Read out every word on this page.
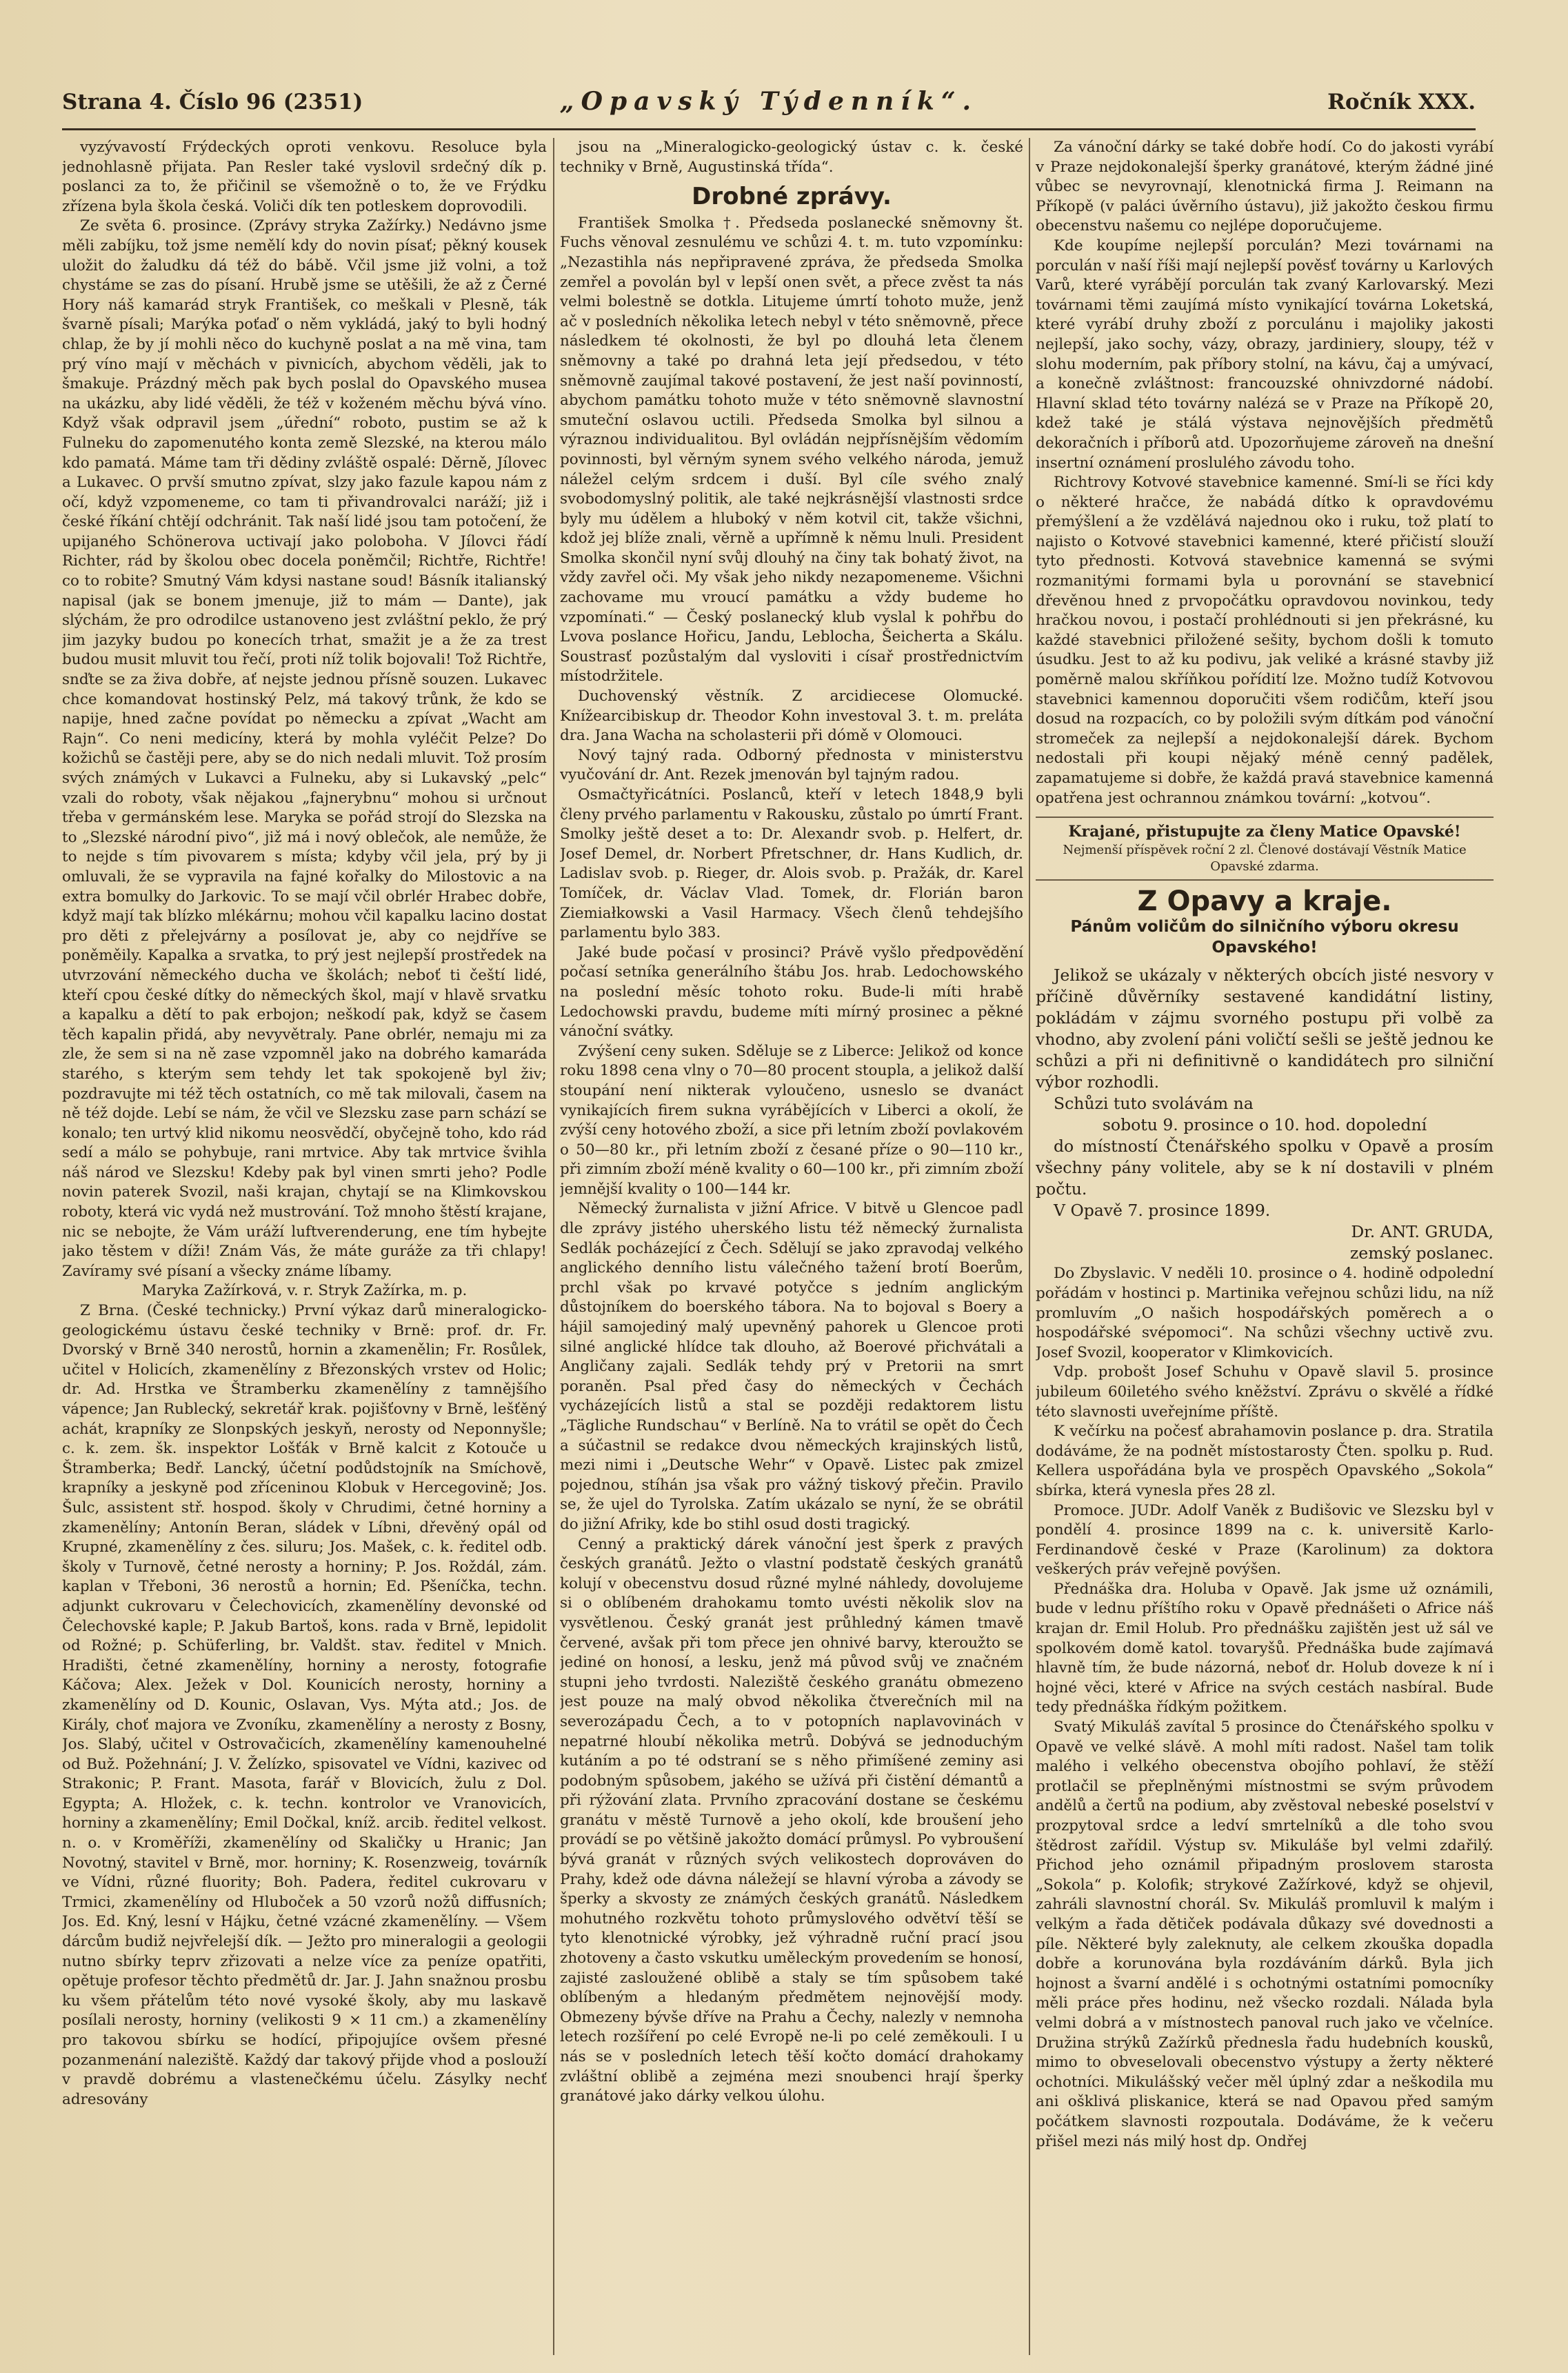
Strana 4. Číslo 96 (2351)	„Opavský Týdenník“.	Ročník XXX.

vyzývavostí Frýdeckých oproti venkovu. Resoluce byla jednohlasně přijata. Pan Resler také vyslovil srdečný dík p. poslanci za to, že přičinil se všemožně o to, že ve Frýdku zřízena byla škola česká. Voliči dík ten potleskem doprovodili.

Ze světa 6. prosince. (Zprávy stryka Zažírky.) Nedávno jsme měli zabíjku, tož jsme nemělí kdy do novin písať; pěkný kousek uložit do žaludku dá též do bábě. Včil jsme již volni, a tož chystáme se zas do písaní. Hrubě jsme se utěšili, že až z Černé Hory náš kamarád stryk František, co meškali v Plesně, ták švarně písali; Marýka poťaď o něm vykládá, jaký to byli hodný chlap, že by jí mohli něco do kuchyně poslat a na mě vina, tam prý víno mají v měchách v pivnicích, abychom věděli, jak to šmakuje. Prázdný měch pak bych poslal do Opavského musea na ukázku, aby lidé věděli, že též v koženém měchu bývá víno. Když však odpravil jsem „úřední“ roboto, pustim se až k Fulneku do zapomenutého konta země Slezské, na kterou málo kdo pamatá. Máme tam tři dědiny zvláště ospalé: Děrně, Jílovec a Lukavec. O prvší smutno zpívat, slzy jako fazule kapou nám z očí, když vzpomeneme, co tam ti přivandrovalci naráží; již i české říkání chtějí odchránit. Tak naší lidé jsou tam potočení, že upijaného Schönerova uctivají jako poloboha. V Jílovci řádí Richter, rád by školou obec docela poněmčil; Richtře, Richtře! co to robite? Smutný Vám kdysi nastane soud! Básník italianský napisal (jak se bonem jmenuje, již to mám — Dante), jak slýchám, že pro odrodilce ustanoveno jest zvláštní peklo, že prý jim jazyky budou po konecích trhat, smažit je a že za trest budou musit mluvit tou řečí, proti níž tolik bojovali! Tož Richtře, snďte se za živa dobře, ať nejste jednou přísně souzen. Lukavec chce komandovat hostinský Pelz, má takový trůnk, že kdo se napije, hned začne povídat po německu a zpívat „Wacht am Rajn“. Co neni medicíny, která by mohla vyléčit Pelze? Do kožichů se častěji pere, aby se do nich nedali mluvit. Tož prosím svých známých v Lukavci a Fulneku, aby si Lukavský „pelc“ vzali do roboty, však nějakou „fajnerybnu“ mohou si určnout třeba v germánském lese. Maryka se pořád strojí do Slezska na to „Slezské národní pivo“, již má i nový oblečok, ale nemůže, že to nejde s tím pivovarem s místa; kdyby včil jela, prý by ji omluvali, že se vypravila na fajné kořalky do Milostovic a na extra bomulky do Jarkovic. To se mají včil obrlér Hrabec dobře, když mají tak blízko mlékárnu; mohou včil kapalku lacino dostat pro děti z přelejvárny a posílovat je, aby co nejdříve se poněměily. Kapalka a srvatka, to prý jest nejlepší prostředek na utvrzování německého ducha ve školách; neboť ti čeští lidé, kteří cpou české dítky do německých škol, mají v hlavě srvatku a kapalku a dětí to pak erbojon; neškodí pak, když se časem těch kapalin přidá, aby nevyvětraly. Pane obrlér, nemaju mi za zle, že sem si na ně zase vzpomněl jako na dobrého kamaráda starého, s kterým sem tehdy let tak spokojeně byl živ; pozdravujte mi též těch ostatních, co mě tak milovali, časem na ně též dojde. Lebí se nám, že včil ve Slezsku zase parn schází se konalo; ten urtvý klid nikomu neosvědčí, obyčejně toho, kdo rád sedí a málo se pohybuje, rani mrtvice. Aby tak mrtvice švihla náš národ ve Slezsku! Kdeby pak byl vinen smrti jeho? Podle novin paterek Svozil, naši krajan, chytají se na Klimkovskou roboty, která vic vydá než mustrování. Tož mnoho štěstí krajane, nic se nebojte, že Vám uráží luftverenderung, ene tím hybejte jako těstem v díži! Znám Vás, že máte guráže za tři chlapy! Zavíramy své písaní a všecky známe líbamy.

Maryka Zažírková, v. r. Stryk Zažírka, m. p.

Z Brna. (České technicky.) První výkaz darů mineralogicko-geologickému ústavu české techniky v Brně: prof. dr. Fr. Dvorský v Brně 340 nerostů, hornin a zkamenělin; Fr. Rosůlek, učitel v Holicích, zkamenělíny z Březonských vrstev od Holic; dr. Ad. Hrstka ve Štramberku zkamenělíny z tamnějšího vápence; Jan Rublecký, sekretář krak. pojišťovny v Brně, lešťěný achát, krapníky ze Slonpských jeskyň, nerosty od Neponnyšle; c. k. zem. šk. inspektor Lošťák v Brně kalcit z Kotouče u Štramberka; Bedř. Lancký, účetní podůdstojník na Smíchově, krapníky a jeskyně pod zříceninou Klobuk v Hercegovině; Jos. Šulc, assistent stř. hospod. školy v Chrudimi, četné horniny a zkamenělíny; Antonín Beran, sládek v Líbni, dřevěný opál od Krupné, zkamenělíny z čes. siluru; Jos. Mašek, c. k. ředitel odb. školy v Turnově, četné nerosty a horniny; P. Jos. Roždál, zám. kaplan v Třeboni, 36 nerostů a hornin; Ed. Pšeníčka, techn. adjunkt cukrovaru v Čelechovicích, zkamenělíny devonské od Čelechovské kaple; P. Jakub Bartoš, kons. rada v Brně, lepidolit od Rožné; p. Schüferling, br. Valdšt. stav. ředitel v Mnich. Hradišti, četné zkamenělíny, horniny a nerosty, fotografie Káčova; Alex. Ježek v Dol. Kounicích nerosty, horniny a zkamenělíny od D. Kounic, Oslavan, Vys. Mýta atd.; Jos. de Király, choť majora ve Zvoníku, zkamenělíny a nerosty z Bosny, Jos. Slabý, učitel v Ostrovačicích, zkamenělíny kamenouhelné od Buž. Požehnání; J. V. Želízko, spisovatel ve Vídni, kazivec od Strakonic; P. Frant. Masota, farář v Blovicích, žulu z Dol. Egypta; A. Hložek, c. k. techn. kontrolor ve Vranovicích, horniny a zkamenělíny; Emil Dočkal, kníž. arcib. ředitel velkost. n. o. v Kroměříži, zkamenělíny od Skaličky u Hranic; Jan Novotný, stavitel v Brně, mor. horniny; K. Rosenzweig, továrník ve Vídni, různé fluority; Boh. Padera, ředitel cukrovaru v Trmici, zkamenělíny od Hluboček a 50 vzorů nožů diffusních; Jos. Ed. Kný, lesní v Hájku, četné vzácné zkamenělíny. — Všem dárcům budiž nejvřelejší dík. — Ježto pro mineralogii a geologii nutno sbírky teprv zřizovati a nelze více za peníze opatřiti, opětuje profesor těchto předmětů dr. Jar. J. Jahn snažnou prosbu ku všem přátelům této nové vysoké školy, aby mu laskavě posílali nerosty, horniny (velikosti 9 × 11 cm.) a zkamenělíny pro takovou sbírku se hodící, připojujíce ovšem přesné pozanmenání naleziště. Každý dar takový přijde vhod a poslouží v pravdě dobrému a vlastenečkému účelu. Zásylky nechť adresovány

jsou na „Mineralogicko-geologický ústav c. k. české techniky v Brně, Augustinská třída“.

Drobné zprávy.

František Smolka †. Předseda poslanecké sněmovny št. Fuchs věnoval zesnulému ve schůzi 4. t. m. tuto vzpomínku: „Nezastihla nás nepřipravené zpráva, že předseda Smolka zemřel a povolán byl v lepší onen svět, a přece zvěst ta nás velmi bolestně se dotkla. Litujeme úmrtí tohoto muže, jenž ač v posledních několika letech nebyl v této sněmovně, přece následkem té okolnosti, že byl po dlouhá leta členem sněmovny a také po drahná leta její předsedou, v této sněmovně zaujímal takové postavení, že jest naší povinností, abychom památku tohoto muže v této sněmovně slavnostní smuteční oslavou uctili. Předseda Smolka byl silnou a výraznou individualitou. Byl ovládán nejpřísnějším vědomím povinnosti, byl věrným synem svého velkého národa, jemuž náležel celým srdcem i duší. Byl cíle svého znalý svobodomyslný politik, ale také nejkrásnější vlastnosti srdce byly mu údělem a hluboký v něm kotvil cit, takže všichni, kdož jej blíže znali, věrně a upřímně k němu lnuli. President Smolka skončil nyní svůj dlouhý na činy tak bohatý život, na vždy zavřel oči. My však jeho nikdy nezapomeneme. Všichni zachovame mu vroucí památku a vždy budeme ho vzpomínati.“ — Český poslanecký klub vyslal k pohřbu do Lvova poslance Hořicu, Jandu, Leblocha, Šeicherta a Skálu. Soustrasť pozůstalým dal vysloviti i císař prostřednictvím místodržitele.

Duchovenský věstník. Z arcidiecese Olomucké. Knížearcibiskup dr. Theodor Kohn investoval 3. t. m. preláta dra. Jana Wacha na scholasterii při dómě v Olomouci.

Nový tajný rada. Odborný přednosta v ministerstvu vyučování dr. Ant. Rezek jmenován byl tajným radou.

Osmačtyřicátníci. Poslanců, kteří v letech 1848,9 byli členy prvého parlamentu v Rakousku, zůstalo po úmrtí Frant. Smolky ještě deset a to: Dr. Alexandr svob. p. Helfert, dr. Josef Demel, dr. Norbert Pfretschner, dr. Hans Kudlich, dr. Ladislav svob. p. Rieger, dr. Alois svob. p. Pražák, dr. Karel Tomíček, dr. Václav Vlad. Tomek, dr. Florián baron Ziemiałkowski a Vasil Harmacy. Všech členů tehdejšího parlamentu bylo 383.

Jaké bude počasí v prosinci? Právě vyšlo předpovědění počasí setníka generálního štábu Jos. hrab. Ledochowského na poslední měsíc tohoto roku. Bude-li míti hrabě Ledochowski pravdu, budeme míti mírný prosinec a pěkné vánoční svátky.

Zvýšení ceny suken. Sděluje se z Liberce: Jelikož od konce roku 1898 cena vlny o 70—80 procent stoupla, a jelikož další stoupání není nikterak vyloučeno, usneslo se dvanáct vynikajících firem sukna vyrábějících v Liberci a okolí, že zvýší ceny hotového zboží, a sice při letním zboží povlakovém o 50—80 kr., při letním zboží z česané příze o 90—110 kr., při zimním zboží méně kvality o 60—100 kr., při zimním zboží jemnější kvality o 100—144 kr.

Německý žurnalista v jižní Africe. V bitvě u Glencoe padl dle zprávy jistého uherského listu též německý žurnalista Sedlák pocházející z Čech. Sdělují se jako zpravodaj velkého anglického denního listu válečného tažení brotí Boerům, prchl však po krvavé potyčce s jedním anglickým důstojníkem do boerského tábora. Na to bojoval s Boery a hájil samojediný malý upevněný pahorek u Glencoe proti silné anglické hlídce tak dlouho, až Boerové přichvátali a Angličany zajali. Sedlák tehdy prý v Pretorii na smrt poraněn. Psal před časy do německých v Čechách vycházejících listů a stal se později redaktorem listu „Tägliche Rundschau“ v Berlíně. Na to vrátil se opět do Čech a súčastnil se redakce dvou německých krajinských listů, mezi nimi i „Deutsche Wehr“ v Opavě. Listec pak zmizel pojednou, stíhán jsa však pro vážný tiskový přečin. Pravilo se, že ujel do Tyrolska. Zatím ukázalo se nyní, že se obrátil do jižní Afriky, kde bo stihl osud dosti tragický.

Cenný a praktický dárek vánoční jest šperk z pravých českých granátů. Ježto o vlastní podstatě českých granátů kolují v obecenstvu dosud různé mylné náhledy, dovolujeme si o oblíbeném drahokamu tomto uvésti několik slov na vysvětlenou. Český granát jest průhledný kámen tmavě červené, avšak při tom přece jen ohnivé barvy, kteroužto se jediné on honosí, a lesku, jenž má původ svůj ve značném stupni jeho tvrdosti. Naleziště českého granátu obmezeno jest pouze na malý obvod několika čtverečních mil na severozápadu Čech, a to v potopních naplavovinách v nepatrné hloubí několika metrů. Dobývá se jednoduchým kutáním a po té odstraní se s něho přimíšené zeminy asi podobným spůsobem, jakého se užívá při čistění démantů a při rýžování zlata. Prvního zpracování dostane se českému granátu v městě Turnově a jeho okolí, kde broušení jeho provádí se po většině jakožto domácí průmysl. Po vybroušení bývá granát v různých svých velikostech doprováven do Prahy, kdež ode dávna náležejí se hlavní výroba a závody se šperky a skvosty ze známých českých granátů. Následkem mohutného rozkvětu tohoto průmyslového odvětví těší se tyto klenotnické výrobky, jež výhradně ruční prací jsou zhotoveny a často vskutku uměleckým provedením se honosí, zajisté zasloužené oblibě a staly se tím spůsobem také oblíbeným a hledaným předmětem nejnovější mody. Obmezeny bývše dříve na Prahu a Čechy, nalezly v nemnoha letech rozšíření po celé Evropě ne-li po celé zeměkouli. I u nás se v posledních letech těší kočto domácí drahokamy zvláštní oblibě a zejména mezi snoubenci hrají šperky granátové jako dárky velkou úlohu.

Za vánoční dárky se také dobře hodí. Co do jakosti vyrábí v Praze nejdokonalejší šperky granátové, kterým žádné jiné vůbec se nevyrovnají, klenotnická firma J. Reimann na Příkopě (v paláci úvěrního ústavu), již jakožto českou firmu obecenstvu našemu co nejlépe doporučujeme.

Kde koupíme nejlepší porculán? Mezi továrnami na porculán v naší říši mají nejlepší pověsť továrny u Karlových Varů, které vyrábějí porculán tak zvaný Karlovarský. Mezi továrnami těmi zaujímá místo vynikající továrna Loketská, které vyrábí druhy zboží z porculánu i majoliky jakosti nejlepší, jako sochy, vázy, obrazy, jardiniery, sloupy, též v slohu moderním, pak příbory stolní, na kávu, čaj a umývací, a konečně zvláštnost: francouzské ohnivzdorné nádobí. Hlavní sklad této továrny nalézá se v Praze na Příkopě 20, kdež také je stálá výstava nejnovějších předmětů dekoračních i příborů atd. Upozorňujeme zároveň na dnešní insertní oznámení proslulého závodu toho.

Richtrovy Kotvové stavebnice kamenné. Smí-li se říci kdy o některé hračce, že nabádá dítko k opravdovému přemýšlení a že vzdělává najednou oko i ruku, tož platí to najisto o Kotvové stavebnici kamenné, které přičistí slouží tyto přednosti. Kotvová stavebnice kamenná se svými rozmanitými formami byla u porovnání se stavebnicí dřevěnou hned z prvopočátku opravdovou novinkou, tedy hračkou novou, i postačí prohlédnouti si jen překrásné, ku každé stavebnici přiložené sešity, bychom došli k tomuto úsudku. Jest to až ku podivu, jak veliké a krásné stavby již poměrně malou skříňkou pořídití lze. Možno tudíž Kotvovou stavebnici kamennou doporučiti všem rodičům, kteří jsou dosud na rozpacích, co by položili svým dítkám pod vánoční stromeček za nejlepší a nejdokonalejší dárek. Bychom nedostali při koupi nějaký méně cenný padělek, zapamatujeme si dobře, že každá pravá stavebnice kamenná opatřena jest ochrannou známkou tovární: „kotvou“.

Krajané, přistupujte za členy Matice Opavské!
Nejmenší příspěvek roční 2 zl. Členové dostávají Věstník Matice Opavské zdarma.
Z Opavy a kraje.
Pánům voličům do silničního výboru okresu Opavského!

Jelikož se ukázaly v některých obcích jisté nesvory v příčině důvěrníky sestavené kandidátní listiny, pokládám v zájmu svorného postupu při volbě za vhodno, aby zvolení páni voličtí sešli se ještě jednou ke schůzi a při ni definitivně o kandidátech pro silniční výbor rozhodli.

Schůzi tuto svolávám na

sobotu 9. prosince o 10. hod. dopolední

do místností Čtenářského spolku v Opavě a prosím všechny pány volitele, aby se k ní dostavili v plném počtu.

V Opavě 7. prosince 1899.

Dr. ANT. GRUDA,

zemský poslanec.

Do Zbyslavic. V neděli 10. prosince o 4. hodině odpolední pořádám v hostinci p. Martinika veřejnou schůzi lidu, na níž promluvím „O našich hospodářských poměrech a o hospodářské svépomoci“. Na schůzi všechny uctivě zvu. Josef Svozil, kooperator v Klimkovicích.

Vdp. probošt Josef Schuhu v Opavě slavil 5. prosince jubileum 60iletého svého kněžství. Zprávu o skvělé a řídké této slavnosti uveřejníme příště.

K večírku na počesť abrahamovin poslance p. dra. Stratila dodáváme, že na podnět místostarosty Čten. spolku p. Rud. Kellera uspořádána byla ve prospěch Opavského „Sokola“ sbírka, která vynesla přes 28 zl.

Promoce. JUDr. Adolf Vaněk z Budišovic ve Slezsku byl v pondělí 4. prosince 1899 na c. k. universitě Karlo-Ferdinandově české v Praze (Karolinum) za doktora veškerých práv veřejně povýšen.

Přednáška dra. Holuba v Opavě. Jak jsme už oznámili, bude v lednu příštího roku v Opavě přednášeti o Africe náš krajan dr. Emil Holub. Pro přednášku zajištěn jest už sál ve spolkovém domě katol. tovaryšů. Přednáška bude zajímavá hlavně tím, že bude názorná, neboť dr. Holub doveze k ní i hojné věci, které v Africe na svých cestách nasbíral. Bude tedy přednáška řídkým požitkem.

Svatý Mikuláš zavítal 5 prosince do Čtenářského spolku v Opavě ve velké slávě. A mohl míti radost. Našel tam tolik malého i velkého obecenstva obojího pohlaví, že stěží protlačil se přeplněnými místnostmi se svým průvodem andělů a čertů na podium, aby zvěstoval nebeské poselství v prozpytoval srdce a ledví smrtelníků a dle toho svou štědrost zařídil. Výstup sv. Mikuláše byl velmi zdařilý. Přichod jeho oznámil připadným proslovem starosta „Sokola“ p. Kolofik; strykové Zažírkové, když se ohjevil, zahráli slavnostní chorál. Sv. Mikuláš promluvil k malým i velkým a řada dětiček podávala důkazy své dovednosti a píle. Některé byly zaleknuty, ale celkem zkouška dopadla dobře a korunována byla rozdáváním dárků. Byla jich hojnost a švarní andělé i s ochotnými ostatními pomocníky měli práce přes hodinu, než všecko rozdali. Nálada byla velmi dobrá a v místnostech panoval ruch jako ve včelníce. Družina strýků Zažírků přednesla řadu hudebních kousků, mimo to obveselovali obecenstvo výstupy a žerty některé ochotníci. Mikulášský večer měl úplný zdar a neškodila mu ani ošklivá pliskanice, která se nad Opavou před samým počátkem slavnosti rozpoutala. Dodáváme, že k večeru přišel mezi nás milý host dp. Ondřej
